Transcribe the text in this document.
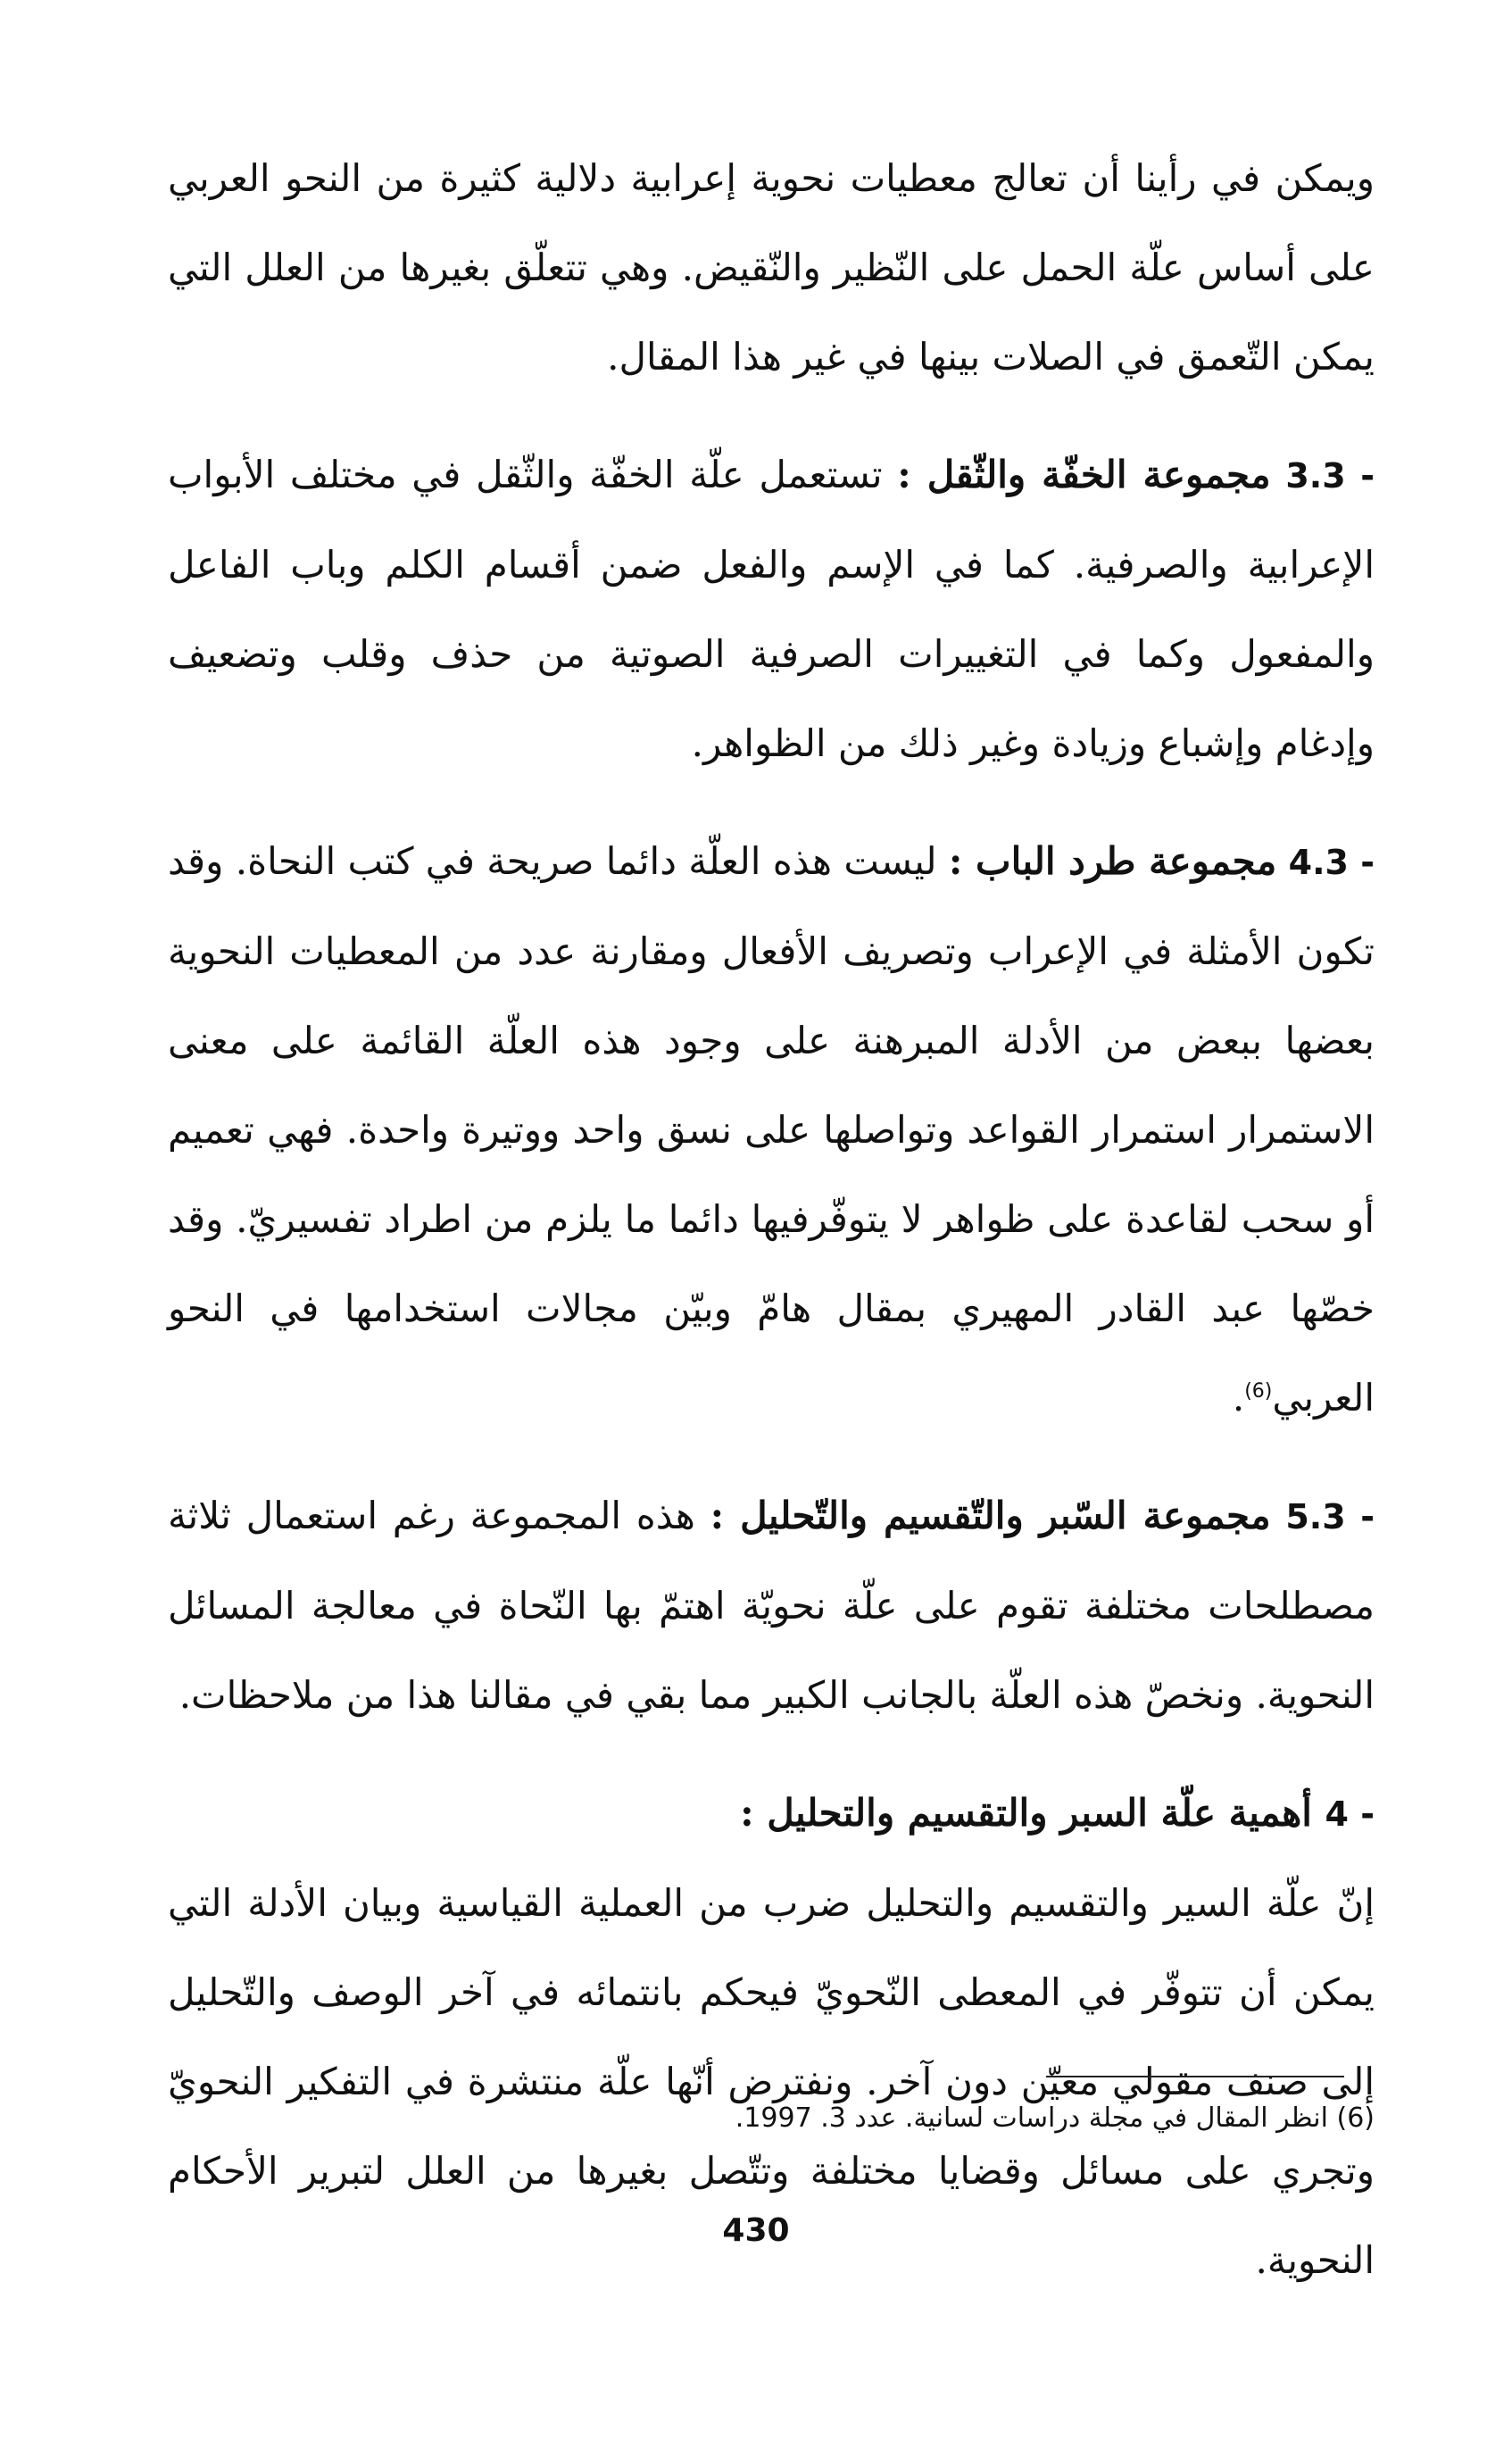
ويمكن في رأينا أن تعالج معطيات نحوية إعرابية دلالية كثيرة من النحو العربي على أساس علّة الحمل على النّظير والنّقيض. وهي تتعلّق بغيرها من العلل التي يمكن التّعمق في الصلات بينها في غير هذا المقال.

3.3 - مجموعة الخفّة والثّقل : تستعمل علّة الخفّة والثّقل في مختلف الأبواب الإعرابية والصرفية. كما في الإسم والفعل ضمن أقسام الكلم وباب الفاعل والمفعول وكما في التغييرات الصرفية الصوتية من حذف وقلب وتضعيف وإدغام وإشباع وزيادة وغير ذلك من الظواهر.

4.3 - مجموعة طرد الباب : ليست هذه العلّة دائما صريحة في كتب النحاة. وقد تكون الأمثلة في الإعراب وتصريف الأفعال ومقارنة عدد من المعطيات النحوية بعضها ببعض من الأدلة المبرهنة على وجود هذه العلّة القائمة على معنى الاستمرار استمرار القواعد وتواصلها على نسق واحد ووتيرة واحدة. فهي تعميم أو سحب لقاعدة على ظواهر لا يتوفّرفيها دائما ما يلزم من اطراد تفسيريّ. وقد خصّها عبد القادر المهيري بمقال هامّ وبيّن مجالات استخدامها في النحو العربي$^{(6)}$.

5.3 - مجموعة السّبر والتّقسيم والتّحليل : هذه المجموعة رغم استعمال ثلاثة مصطلحات مختلفة تقوم على علّة نحويّة اهتمّ بها النّحاة في معالجة المسائل النحوية. ونخصّ هذه العلّة بالجانب الكبير مما بقي في مقالنا هذا من ملاحظات.

4 - أهمية علّة السبر والتقسيم والتحليل :

إنّ علّة السير والتقسيم والتحليل ضرب من العملية القياسية وبيان الأدلة التي يمكن أن تتوفّر في المعطى النّحويّ فيحكم بانتمائه في آخر الوصف والتّحليل إلى صنف مقولي معيّن دون آخر. ونفترض أنّها علّة منتشرة في التفكير النحويّ وتجري على مسائل وقضايا مختلفة وتتّصل بغيرها من العلل لتبرير الأحكام النحوية.

(6) انظر المقال في مجلة دراسات لسانية. عدد 3. 1997.
430
